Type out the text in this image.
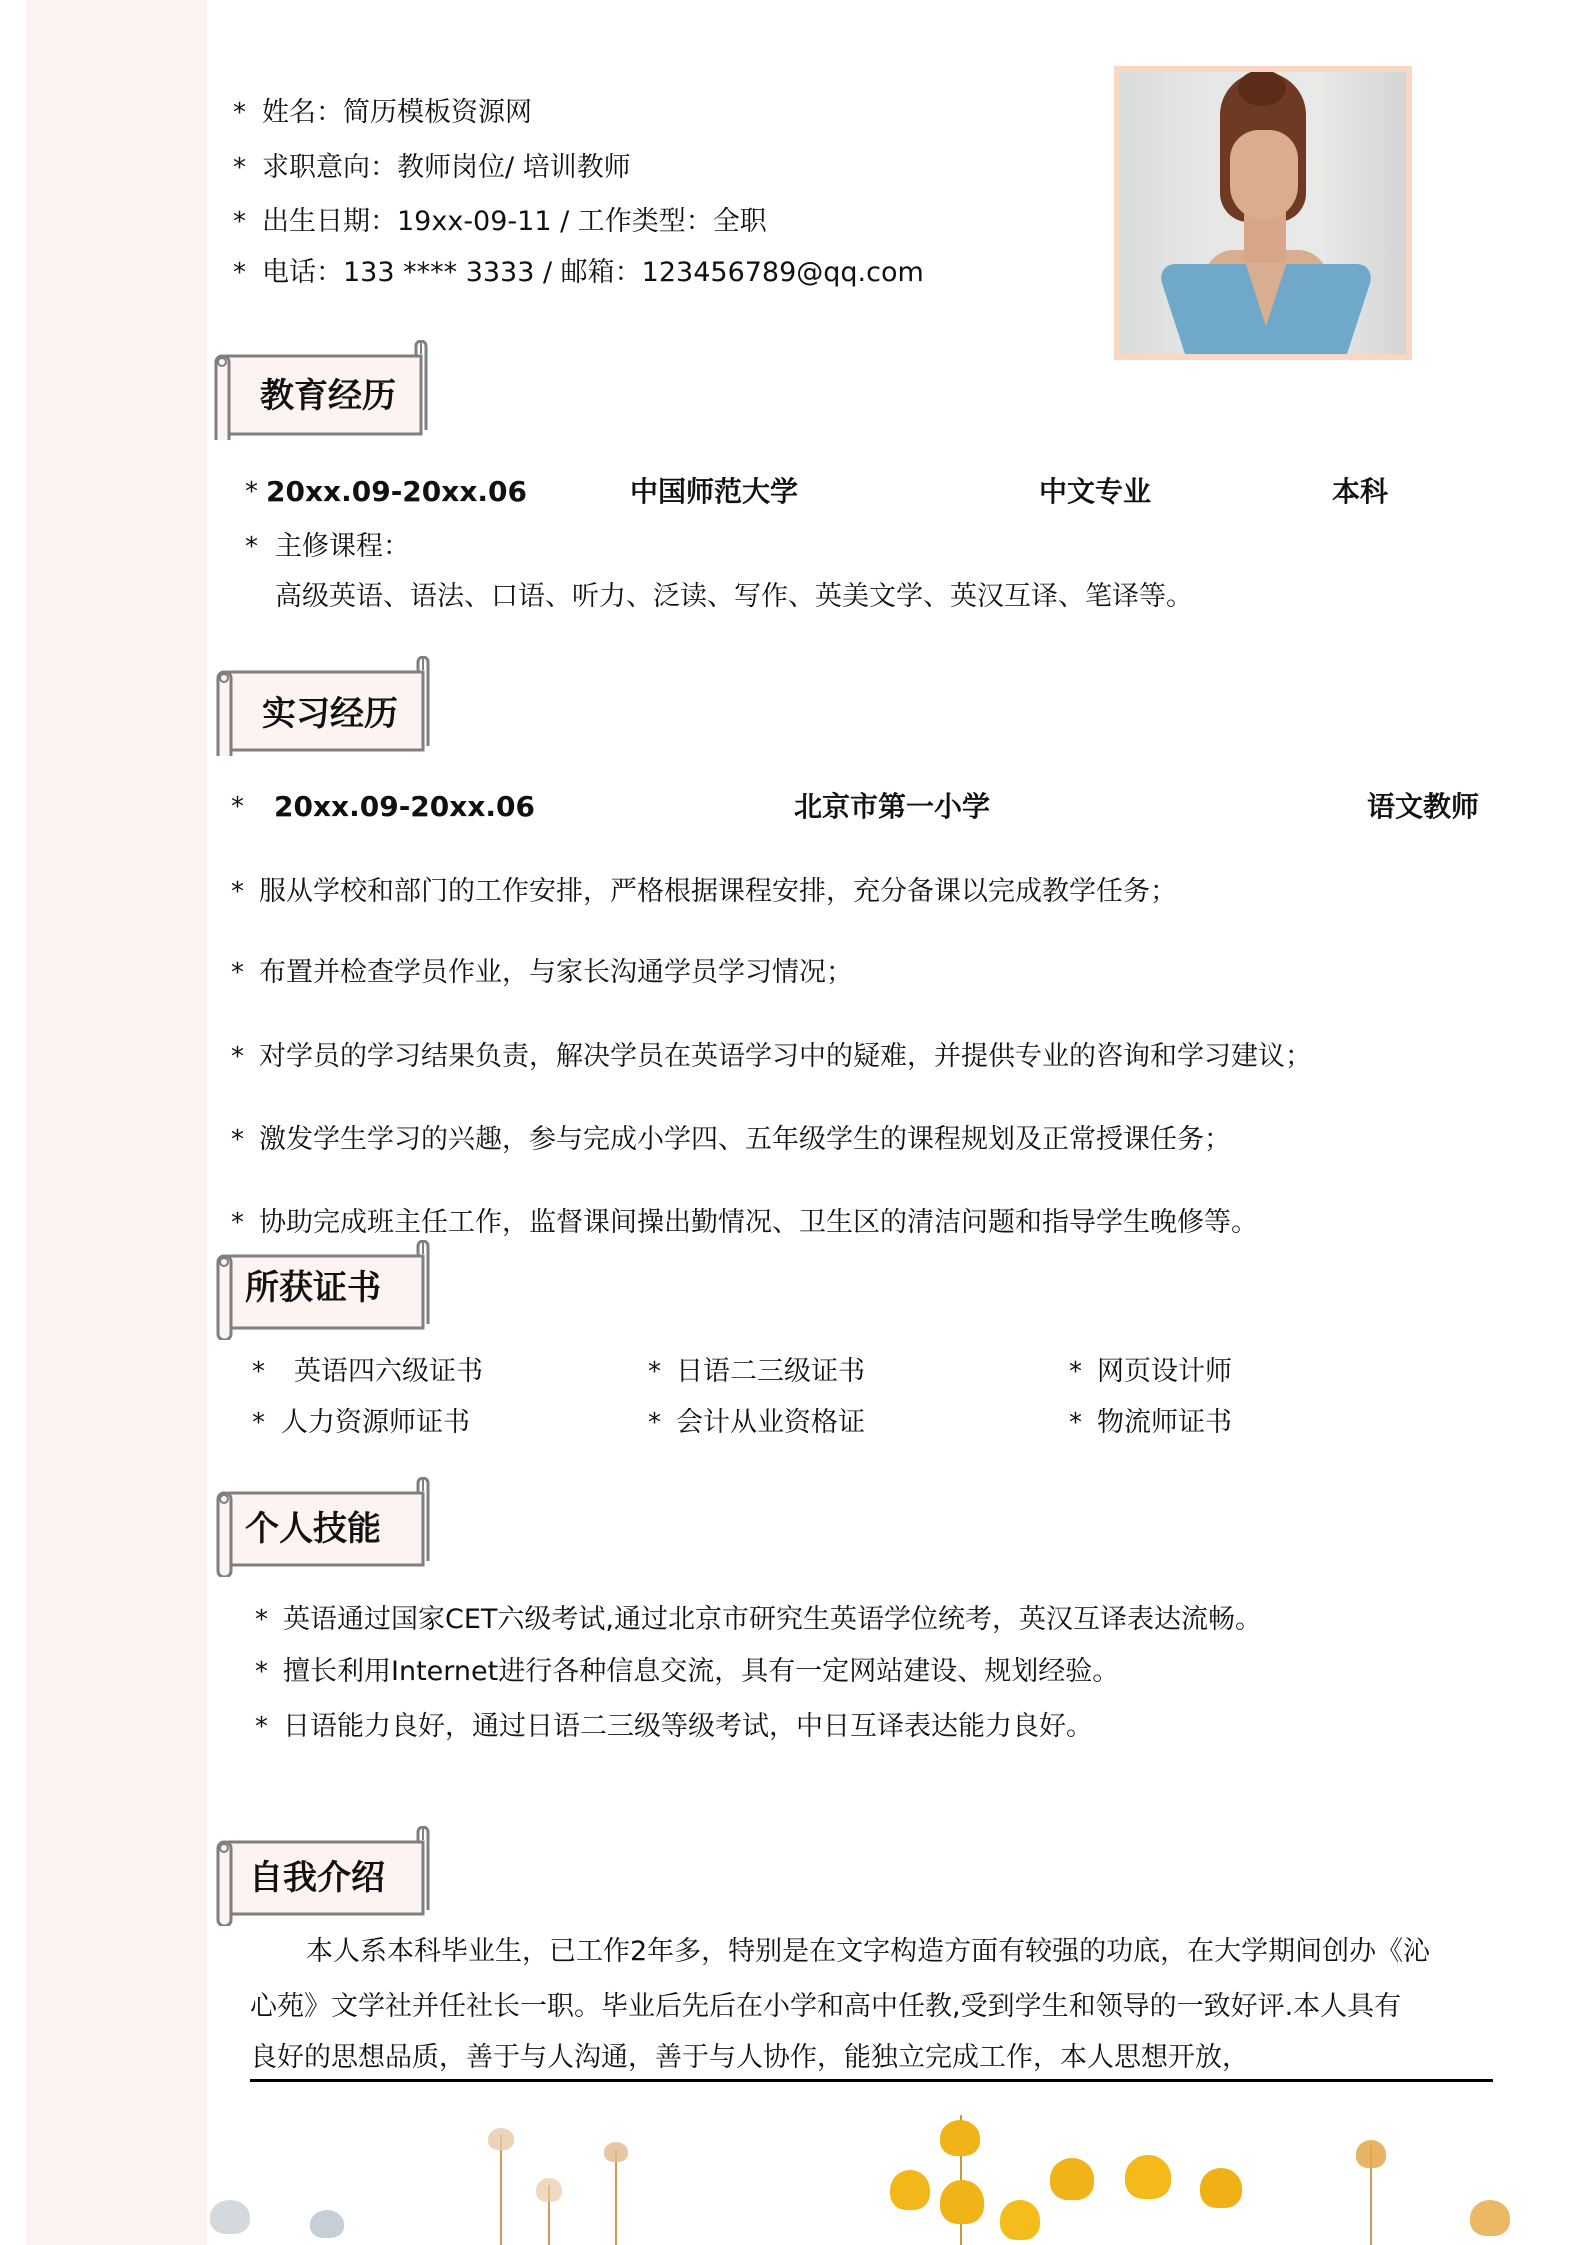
* 姓名：简历模板资源网
* 求职意向：教师岗位/ 培训教师
* 出生日期：19xx-09-11 / 工作类型：全职
* 电话：133 **** 3333 / 邮箱：123456789@qq.com
教育经历
* 20xx.09-20xx.06	中国师范大学	中文专业	本科
* 主修课程：
高级英语、语法、口语、听力、泛读、写作、英美文学、英汉互译、笔译等。
实习经历
* 20xx.09-20xx.06	北京市第一小学	语文教师
* 服从学校和部门的工作安排，严格根据课程安排，充分备课以完成教学任务；
* 布置并检查学员作业，与家长沟通学员学习情况；
* 对学员的学习结果负责，解决学员在英语学习中的疑难，并提供专业的咨询和学习建议；
* 激发学生学习的兴趣，参与完成小学四、五年级学生的课程规划及正常授课任务；
* 协助完成班主任工作，监督课间操出勤情况、卫生区的清洁问题和指导学生晚修等。
所获证书
* 英语四六级证书	* 日语二三级证书	* 网页设计师
* 人力资源师证书	* 会计从业资格证	* 物流师证书
个人技能
* 英语通过国家CET六级考试,通过北京市研究生英语学位统考，英汉互译表达流畅。
* 擅长利用Internet进行各种信息交流，具有一定网站建设、规划经验。
* 日语能力良好，通过日语二三级等级考试，中日互译表达能力良好。
自我介绍
本人系本科毕业生，已工作2年多，特别是在文字构造方面有较强的功底，在大学期间创办《沁
心苑》文学社并任社长一职。毕业后先后在小学和高中任教,受到学生和领导的一致好评.本人具有
良好的思想品质，善于与人沟通，善于与人协作，能独立完成工作，本人思想开放，
